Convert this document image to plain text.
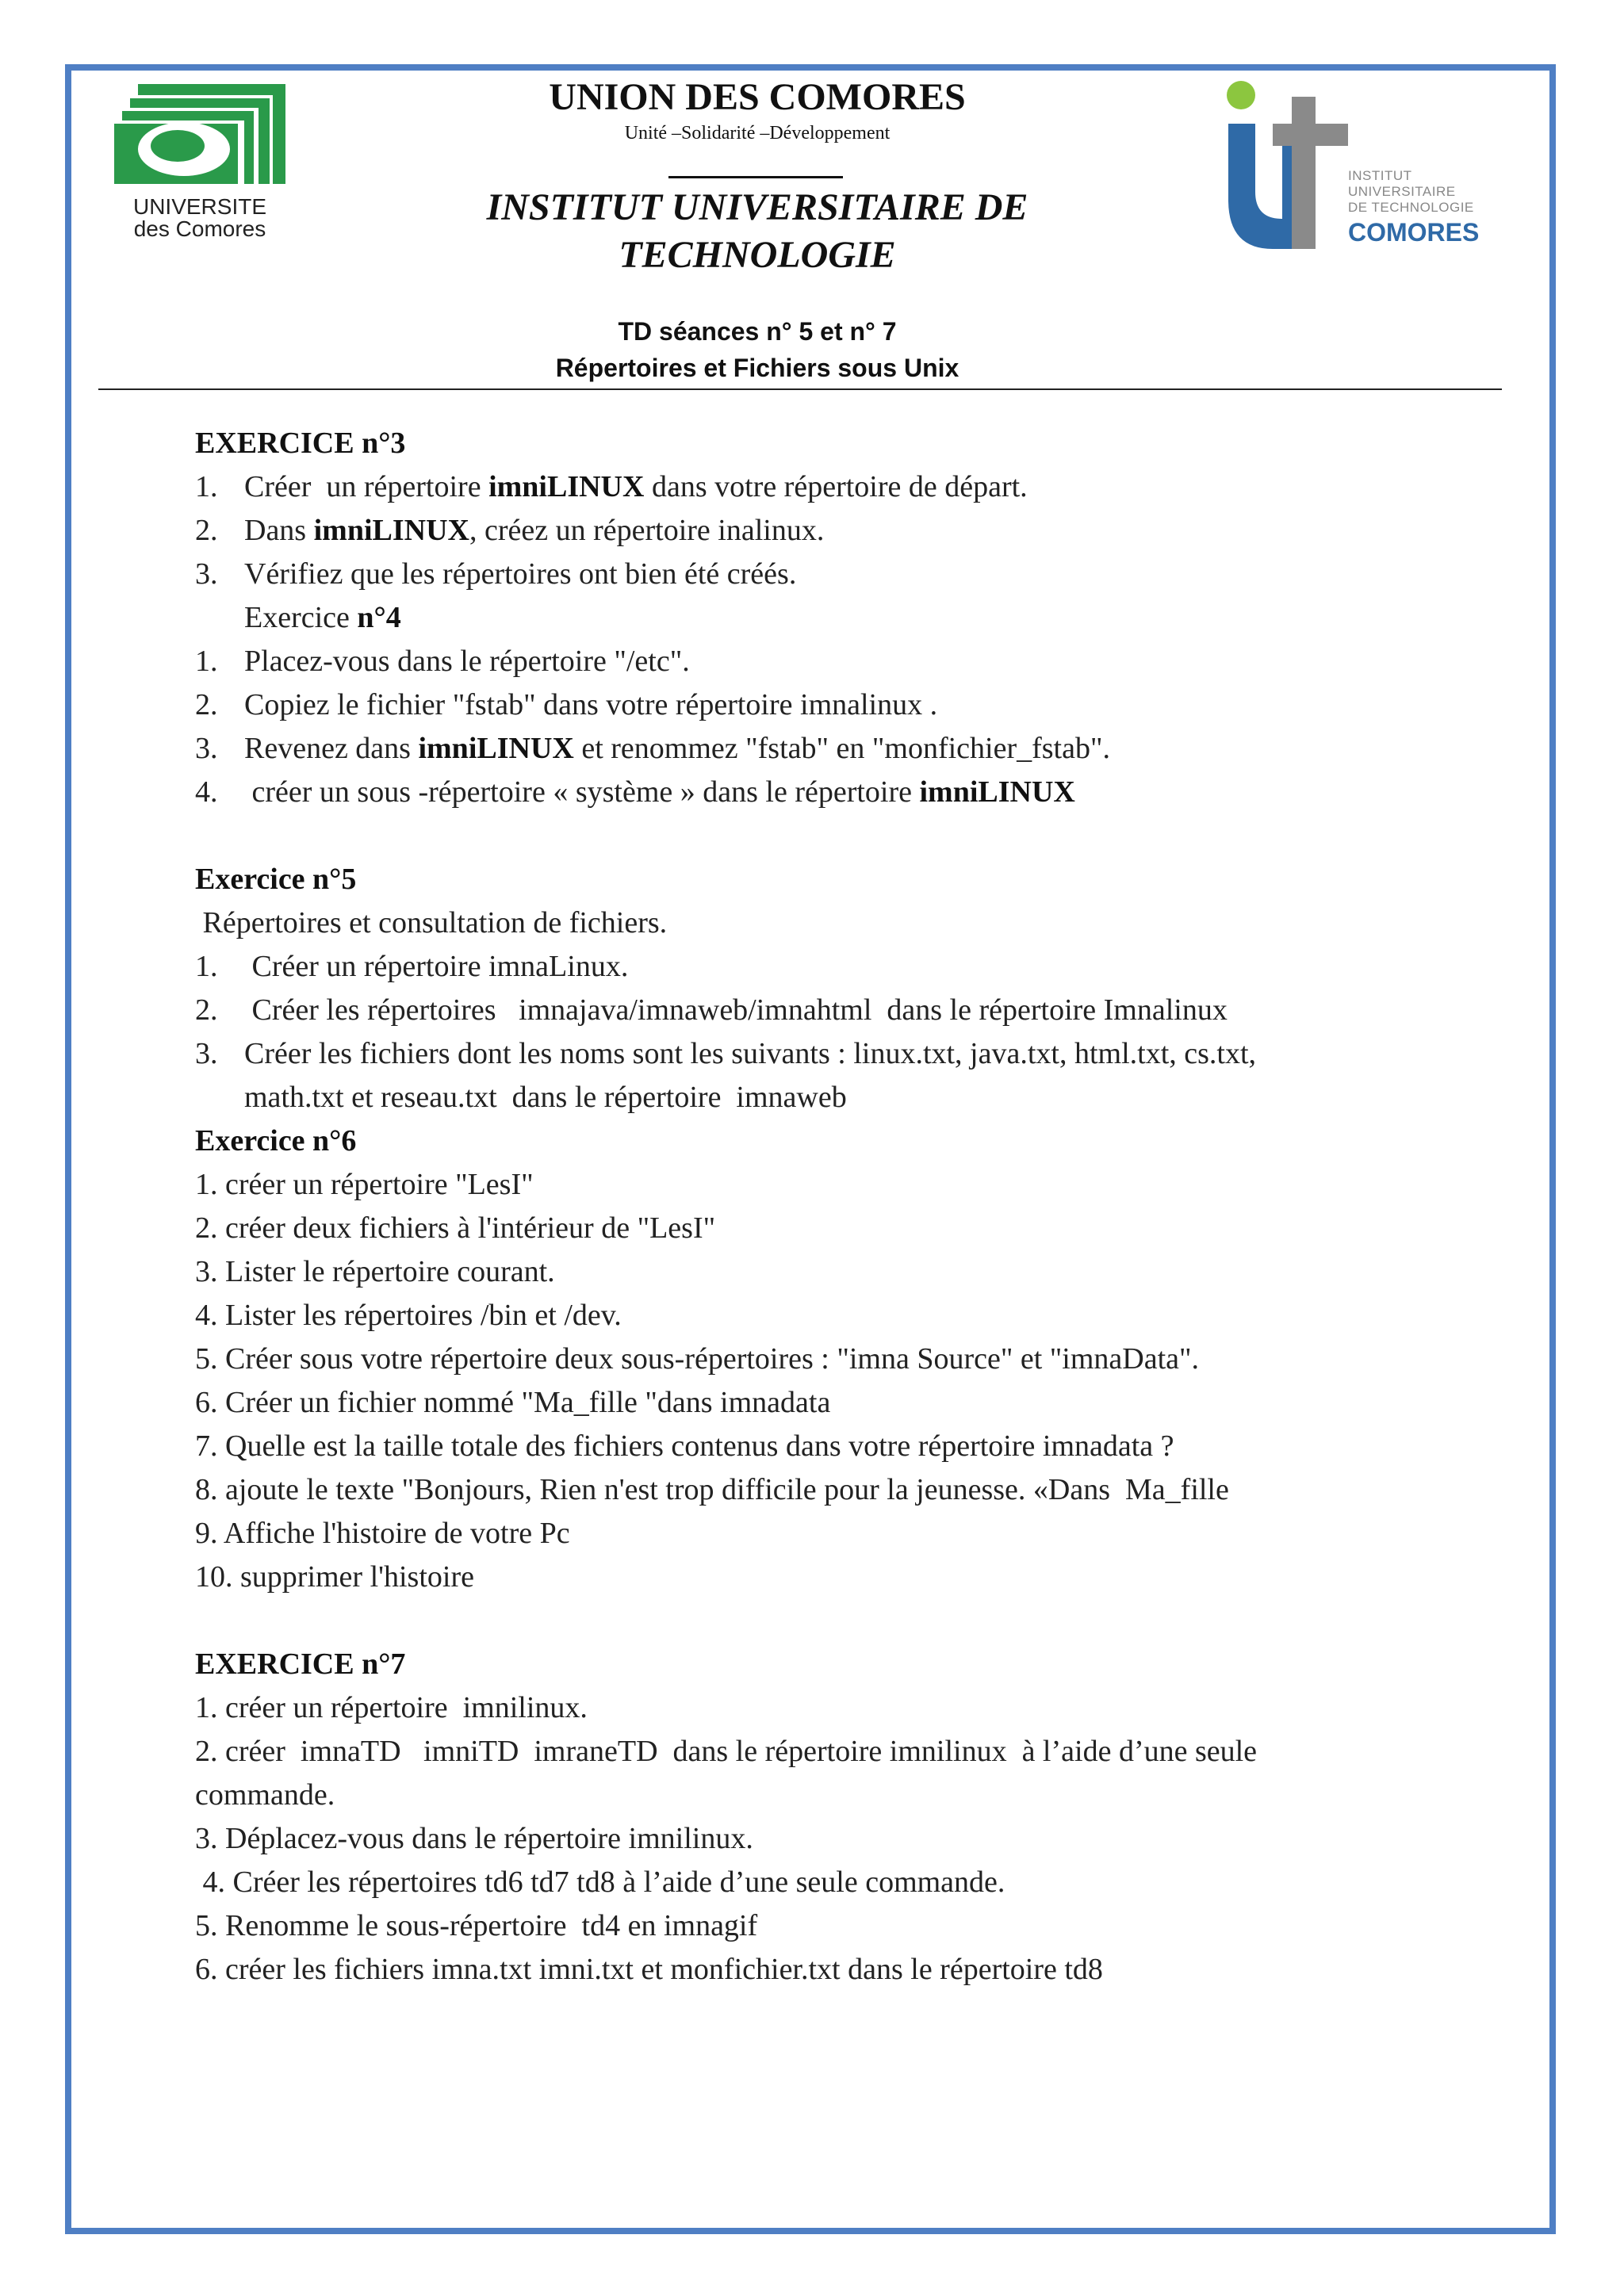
UNIVERSITE
des Comores
UNION DES COMORES
Unité –Solidarité –Développement
INSTITUT UNIVERSITAIRE DE
TECHNOLOGIE
INSTITUT
UNIVERSITAIRE
DE TECHNOLOGIE
COMORES
TD séances n° 5 et n° 7
Répertoires et Fichiers sous Unix
EXERCICE n°3
1. Créer  un répertoire imniLINUX dans votre répertoire de départ.
2. Dans imniLINUX, créez un répertoire inalinux.
3. Vérifiez que les répertoires ont bien été créés.
Exercice n°4
1. Placez-vous dans le répertoire "/etc".
2. Copiez le fichier "fstab" dans votre répertoire imnalinux .
3. Revenez dans imniLINUX et renommez "fstab" en "monfichier_fstab".
4. créer un sous -répertoire « système » dans le répertoire imniLINUX
Exercice n°5
Répertoires et consultation de fichiers.
1. Créer un répertoire imnaLinux.
2. Créer les répertoires   imnajava/imnaweb/imnahtml  dans le répertoire Imnalinux
3. Créer les fichiers dont les noms sont les suivants : linux.txt, java.txt, html.txt, cs.txt,
math.txt et reseau.txt  dans le répertoire  imnaweb
Exercice n°6
1. créer un répertoire "LesI"
2. créer deux fichiers à l'intérieur de "LesI"
3. Lister le répertoire courant.
4. Lister les répertoires /bin et /dev.
5. Créer sous votre répertoire deux sous-répertoires : "imna Source" et "imnaData".
6. Créer un fichier nommé "Ma_fille "dans imnadata
7. Quelle est la taille totale des fichiers contenus dans votre répertoire imnadata ?
8. ajoute le texte "Bonjours, Rien n'est trop difficile pour la jeunesse. «Dans  Ma_fille
9. Affiche l'histoire de votre Pc
10. supprimer l'histoire
EXERCICE n°7
1. créer un répertoire  imnilinux.
2. créer  imnaTD   imniTD  imraneTD  dans le répertoire imnilinux  à l’aide d’une seule
commande.
3. Déplacez-vous dans le répertoire imnilinux.
4. Créer les répertoires td6 td7 td8 à l’aide d’une seule commande.
5. Renomme le sous-répertoire  td4 en imnagif
6. créer les fichiers imna.txt imni.txt et monfichier.txt dans le répertoire td8
